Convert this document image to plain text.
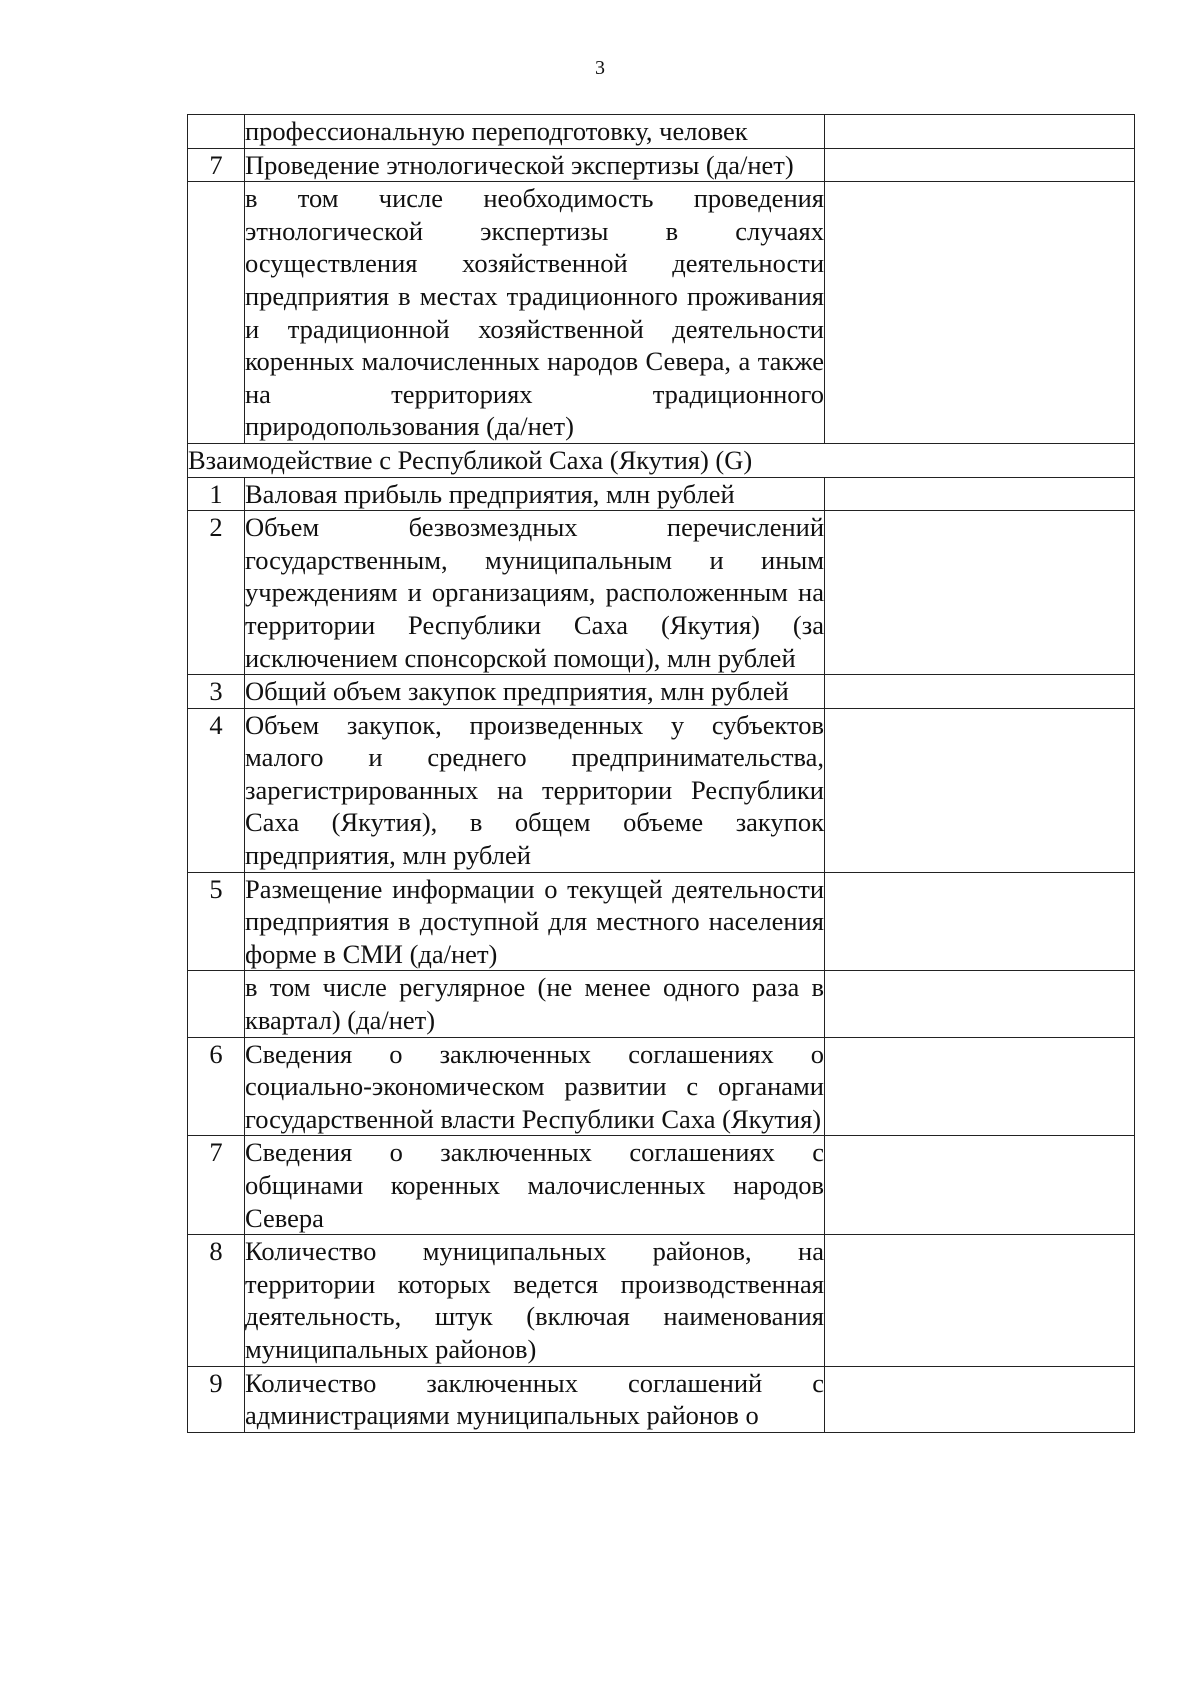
3
	профессиональную переподготовку, человек	
7	Проведение этнологической экспертизы (да/нет)	
	в том числе необходимость проведения этнологической экспертизы в случаях осуществления хозяйственной деятельности предприятия в местах традиционного проживания и традиционной хозяйственной деятельности коренных малочисленных народов Севера, а также на территориях традиционного природопользования (да/нет)	
Взаимодействие с Республикой Саха (Якутия) (G)		
1	Валовая прибыль предприятия, млн рублей	
2	Объем безвозмездных перечислений государственным, муниципальным и иным учреждениям и организациям, расположенным на территории Республики Саха (Якутия) (за исключением спонсорской помощи), млн рублей	
3	Общий объем закупок предприятия, млн рублей	
4	Объем закупок, произведенных у субъектов малого и среднего предпринимательства, зарегистрированных на территории Республики Саха (Якутия), в общем объеме закупок предприятия, млн рублей	
5	Размещение информации о текущей деятельности предприятия в доступной для местного населения форме в СМИ (да/нет)	
	в том числе регулярное (не менее одного раза в квартал) (да/нет)	
6	Сведения о заключенных соглашениях о социально-экономическом развитии с органами государственной власти Республики Саха (Якутия)	
7	Сведения о заключенных соглашениях с общинами коренных малочисленных народов Севера	
8	Количество муниципальных районов, на территории которых ведется производственная деятельность, штук (включая наименования муниципальных районов)	
9	Количество заключенных соглашений с администрациями муниципальных районов о	
